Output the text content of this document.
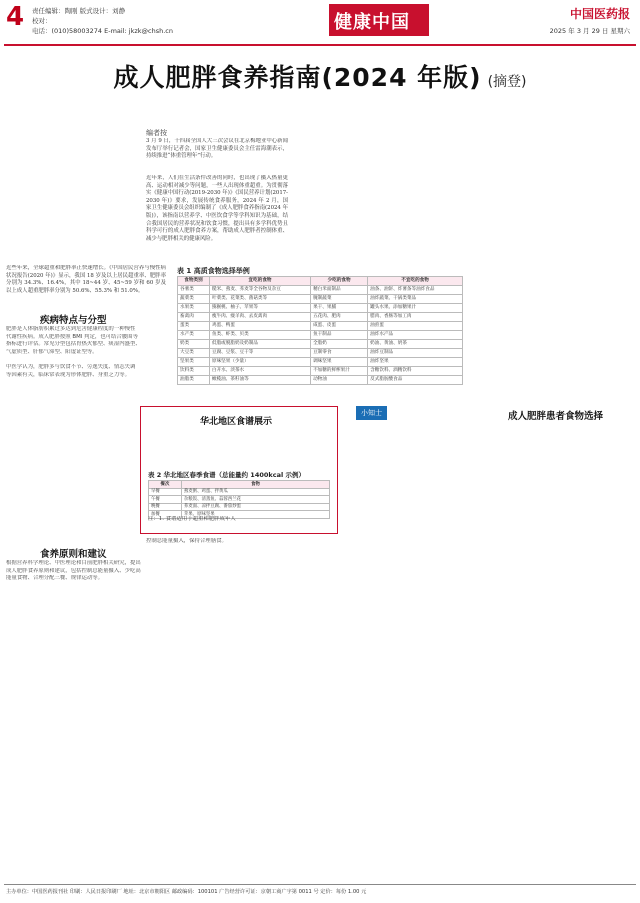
4 责任编辑：陶刚 版式设计：刘静
校对：
电话：(010)58003274 E-mail: jkzk@chsh.cn	健康中国	中国医药报
2025 年 3 月 29 日 星期六
成人肥胖食养指南(2024 年版) (摘登)
编者按
3 月 9 日，十四届全国人大三次会议在北京梅地亚中心新闻发布厅举行记者会，国家卫生健康委员会主任雷海潮表示，持续推进“体重管理年”行动。
近年来，人们在生活条件改善的同时，也出现了摄入热量更高、运动相对减少等问题，一些人出现体重超重。为贯彻落实《健康中国行动(2019-2030 年)》《国民营养计划(2017-2030 年)》要求，发展传统食养服务，2024 年 2 月，国家卫生健康委员会组织编制了《成人肥胖食养指南(2024 年版)》，该指南以营养学、中医饮食学等学科知识为基础，结合我国居民的营养状况和饮食习惯，提出具有多学科优势且科学可行的成人肥胖食养方案，帮助成人肥胖者控制体重、减少与肥胖相关的健康风险。
近些年来，全球超重和肥胖率正快速增长。《中国居民营养与慢性病状况报告(2020 年)》显示，我国 18 岁及以上居民超重率、肥胖率分别为 34.3%、16.4%，其中 18~44 岁、45~59 岁和 60 岁及以上成人超重肥胖率分别为 50.6%、55.3% 和 51.0%。
疾病特点与分型
肥胖是人体脂肪积累过多达到危害健康程度的一种慢性
代谢性疾病。成人肥胖按照 BMI 判定，也可结合腰围等
指标进行评估。常见分型包括胃热火郁型、痰湿内盛型、
气虚质型、肝郁气滞型、阳虚证型等。

中医学认为，肥胖多与饮食不节、劳逸失度、情志失调
等因素有关，临床常表现为形体肥胖、身重乏力等。

食养原则和建议
根据营养科学理论、中医理论和目前肥胖相关研究，提出
成人肥胖食养原则和建议，包括控制总能量摄入、少吃高
能量食物、合理分配三餐、规律运动等。

表 1 高质食物选择举例
食物类别	宜吃的食物	少吃的食物	不宜吃的食物
谷薯类	糙米、燕麦、荞麦等全谷物及杂豆	精白米面制品	油条、油饼、炸薯条等油炸食品
蔬菜类	叶菜类、花菜类、菌菇类等	腌制蔬菜	油炸蔬菜、干锅类菜品
水果类	猕猴桃、柚子、苹果等	果干、果脯	罐头水果、添加糖果汁
畜禽肉	瘦牛肉、瘦羊肉、去皮禽肉	五花肉、肥肉	腊肉、香肠等加工肉
蛋类	鸡蛋、鸭蛋	咸蛋、皮蛋	油煎蛋
水产类	鱼类、虾类、贝类	鱼干制品	油炸水产品
奶类	低脂或脱脂奶及奶制品	全脂奶	奶油、黄油、奶茶
大豆类	豆腐、豆浆、豆干等	豆制零食	油炸豆制品
坚果类	原味坚果（少量）	调味坚果	油炸坚果
饮料类	白开水、淡茶水	不加糖的鲜榨果汁	含糖饮料、酒精饮料
油脂类	橄榄油、茶籽油等	动物油	反式脂肪酸食品
华北地区食谱展示
表 2 华北地区春季食谱（总能量约 1400kcal 示例）
餐次	食物
早餐	燕麦粥、鸡蛋、拌黄瓜
午餐	杂粮饭、清蒸鱼、蒜蓉西兰花
晚餐	荞麦面、凉拌豆腐、番茄炒蛋
加餐	苹果、原味坚果
注：1. 食谱适用于超重和肥胖成年人
小知士
控制总能量摄入，保持合理膳食。

成人肥胖患者食物选择

主办单位：中国医药报刊社 印刷：人民日报印刷厂 地址：北京市朝阳区 邮政编码：100101 广告经营许可证：京朝工商广字第 0011 号 定价：每份 1.00 元
